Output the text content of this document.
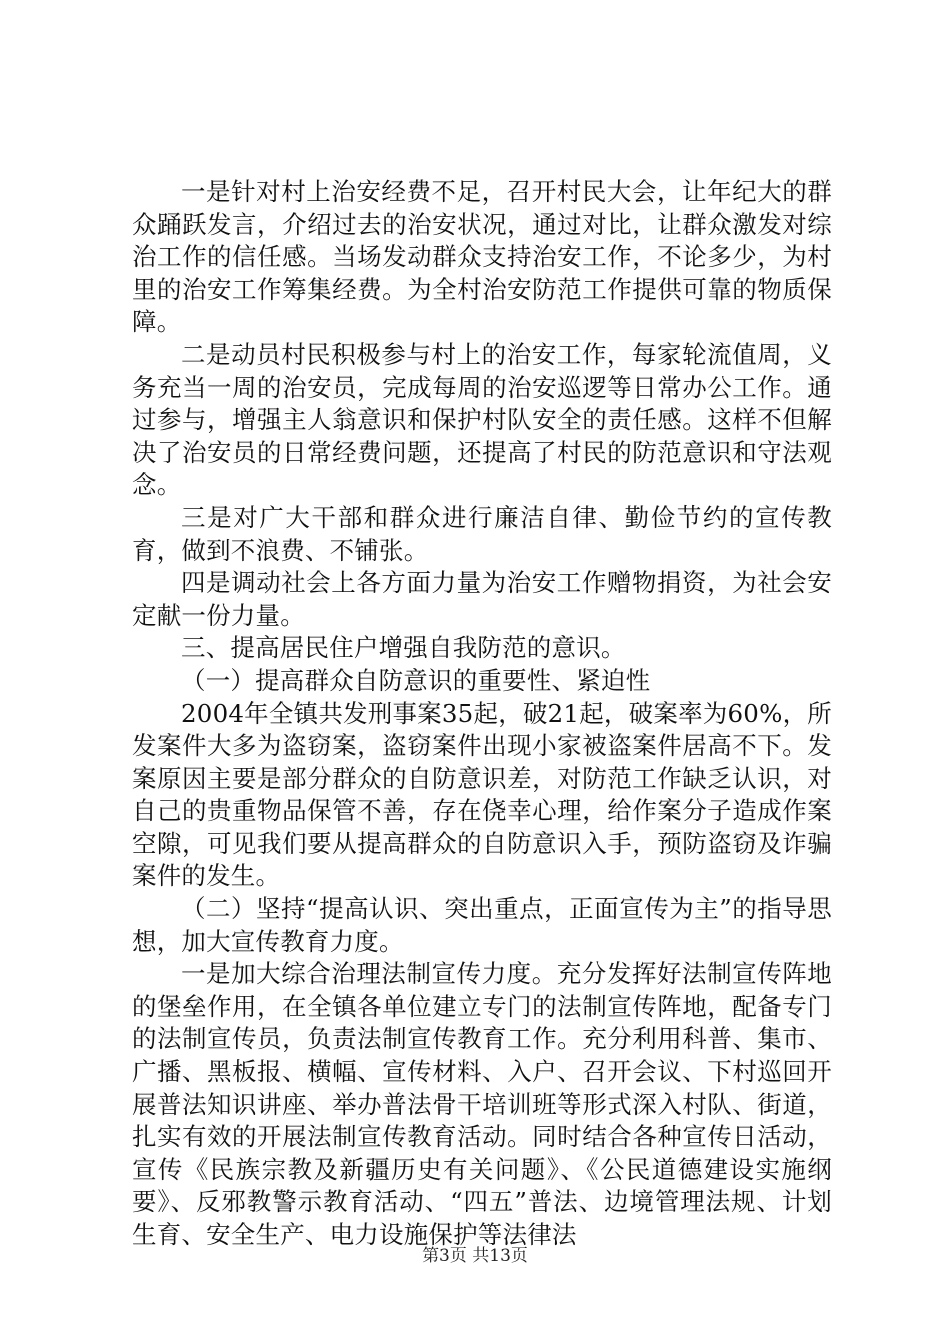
一是针对村上治安经费不足，召开村民大会，让年纪大的群众踊跃发言，介绍过去的治安状况，通过对比，让群众激发对综治工作的信任感。当场发动群众支持治安工作，不论多少，为村里的治安工作筹集经费。为全村治安防范工作提供可靠的物质保障。

二是动员村民积极参与村上的治安工作，每家轮流值周，义务充当一周的治安员，完成每周的治安巡逻等日常办公工作。通过参与，增强主人翁意识和保护村队安全的责任感。这样不但解决了治安员的日常经费问题，还提高了村民的防范意识和守法观念。

三是对广大干部和群众进行廉洁自律、勤俭节约的宣传教育，做到不浪费、不铺张。

四是调动社会上各方面力量为治安工作赠物捐资，为社会安定献一份力量。

三、提高居民住户增强自我防范的意识。

（一）提高群众自防意识的重要性、紧迫性

2004年全镇共发刑事案35起，破21起，破案率为60%，所发案件大多为盗窃案，盗窃案件出现小家被盗案件居高不下。发案原因主要是部分群众的自防意识差，对防范工作缺乏认识，对自己的贵重物品保管不善，存在侥幸心理，给作案分子造成作案空隙，可见我们要从提高群众的自防意识入手，预防盗窃及诈骗案件的发生。

（二）坚持“提高认识、突出重点，正面宣传为主”的指导思想，加大宣传教育力度。

一是加大综合治理法制宣传力度。充分发挥好法制宣传阵地的堡垒作用，在全镇各单位建立专门的法制宣传阵地，配备专门的法制宣传员，负责法制宣传教育工作。充分利用科普、集市、广播、黑板报、横幅、宣传材料、入户、召开会议、下村巡回开展普法知识讲座、举办普法骨干培训班等形式深入村队、街道，扎实有效的开展法制宣传教育活动。同时结合各种宣传日活动，宣传《民族宗教及新疆历史有关问题》、《公民道德建设实施纲要》、反邪教警示教育活动、“四五”普法、边境管理法规、计划生育、安全生产、电力设施保护等法律法

第3页 共13页
